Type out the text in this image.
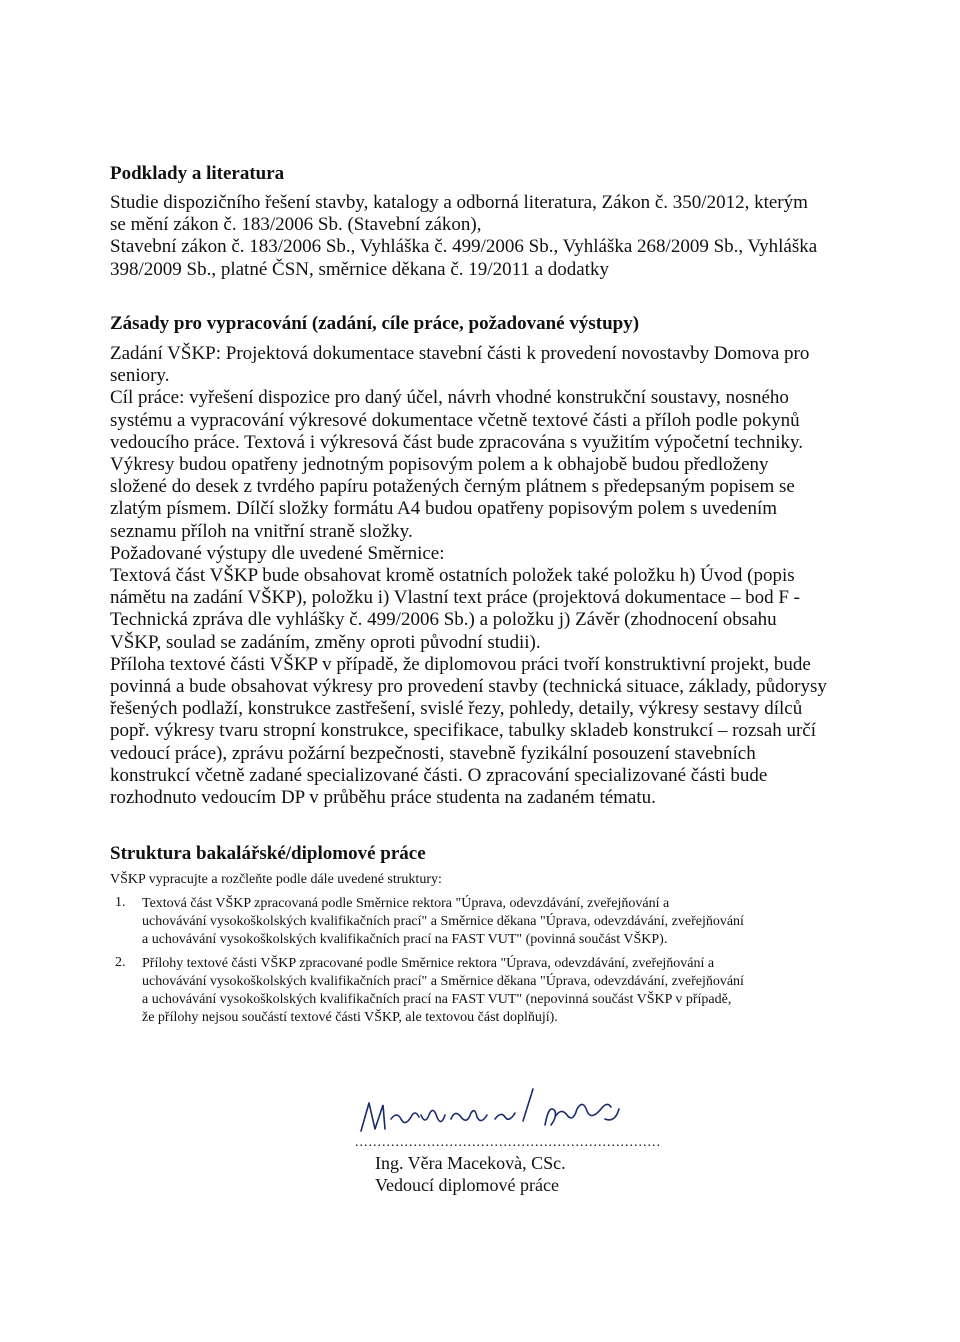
Podklady a literatura
Studie dispozičního řešení stavby, katalogy a odborná literatura, Zákon č. 350/2012, kterým
se mění zákon č. 183/2006 Sb. (Stavební zákon),
Stavební zákon č. 183/2006 Sb., Vyhláška č. 499/2006 Sb., Vyhláška 268/2009 Sb., Vyhláška
398/2009 Sb., platné ČSN, směrnice děkana č. 19/2011 a dodatky
Zásady pro vypracování (zadání, cíle práce, požadované výstupy)
Zadání VŠKP: Projektová dokumentace stavební části k provedení novostavby Domova pro
seniory.
Cíl práce: vyřešení dispozice pro daný účel, návrh vhodné konstrukční soustavy, nosného
systému a vypracování výkresové dokumentace včetně textové části a příloh podle pokynů
vedoucího práce. Textová i výkresová část bude zpracována s využitím výpočetní techniky.
Výkresy budou opatřeny jednotným popisovým polem a k obhajobě budou předloženy
složené do desek z tvrdého papíru potažených černým plátnem s předepsaným popisem se
zlatým písmem. Dílčí složky formátu A4 budou opatřeny popisovým polem s uvedením
seznamu příloh na vnitřní straně složky.
Požadované výstupy dle uvedené Směrnice:
Textová část VŠKP bude obsahovat kromě ostatních položek také položku h) Úvod (popis
námětu na zadání VŠKP), položku i) Vlastní text práce (projektová dokumentace – bod F -
Technická zpráva dle vyhlášky č. 499/2006 Sb.) a položku j) Závěr (zhodnocení obsahu
VŠKP, soulad se zadáním, změny oproti původní studii).
Příloha textové části VŠKP v případě, že diplomovou práci tvoří konstruktivní projekt, bude
povinná a bude obsahovat výkresy pro provedení stavby (technická situace, základy, půdorysy
řešených podlaží, konstrukce zastřešení, svislé řezy, pohledy, detaily, výkresy sestavy dílců
popř. výkresy tvaru stropní konstrukce, specifikace, tabulky skladeb konstrukcí – rozsah určí
vedoucí práce), zprávu požární bezpečnosti, stavebně fyzikální posouzení stavebních
konstrukcí včetně zadané specializované části. O zpracování specializované části bude
rozhodnuto vedoucím DP v průběhu práce studenta na zadaném tématu.
Struktura bakalářské/diplomové práce
VŠKP vypracujte a rozčleňte podle dále uvedené struktury:
1. Textová část VŠKP zpracovaná podle Směrnice rektora "Úprava, odevzdávání, zveřejňování a
uchovávání vysokoškolských kvalifikačních prací" a Směrnice děkana "Úprava, odevzdávání, zveřejňování
a uchovávání vysokoškolských kvalifikačních prací na FAST VUT" (povinná součást VŠKP).
2. Přílohy textové části VŠKP zpracované podle Směrnice rektora "Úprava, odevzdávání, zveřejňování a
uchovávání vysokoškolských kvalifikačních prací" a Směrnice děkana "Úprava, odevzdávání, zveřejňování
a uchovávání vysokoškolských kvalifikačních prací na FAST VUT" (nepovinná součást VŠKP v případě,
že přílohy nejsou součástí textové části VŠKP, ale textovou část doplňují).
....................................................................
Ing. Věra Macekovà, CSc.
Vedoucí diplomové práce
